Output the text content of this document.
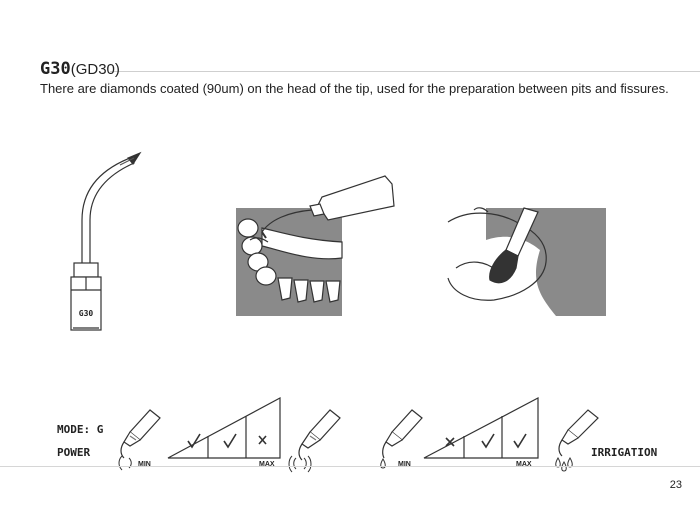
G30(GD30)
There are diamonds coated (90um) on the head of the tip, used for the preparation between pits and fissures.
G30
MODE: G
POWER	IRRIGATION
MIN	MAX	MIN	MAX
23
